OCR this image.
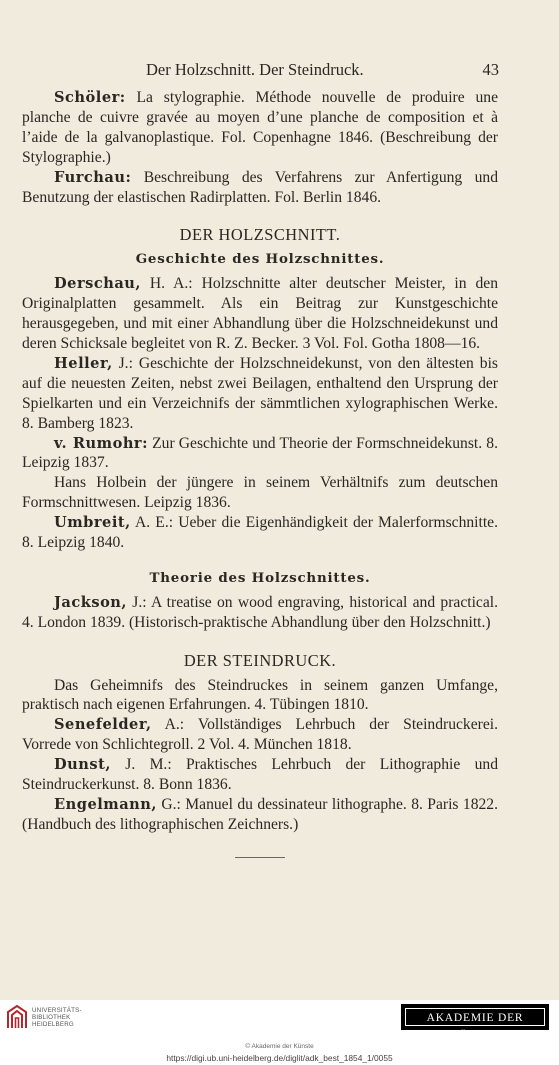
Der Holzschnitt. Der Steindruck.	43

Schöler: La stylographie. Méthode nouvelle de produire une planche de cuivre gravée au moyen d’une planche de composition et à l’aide de la galvanoplastique. Fol. Copenhagne 1846. (Beschreibung der Stylographie.)

Furchau: Beschreibung des Verfahrens zur Anfertigung und Benutzung der elastischen Radirplatten. Fol. Berlin 1846.

DER HOLZSCHNITT.

Geschichte des Holzschnittes.

Derschau, H. A.: Holzschnitte alter deutscher Meister, in den Originalplatten gesammelt. Als ein Beitrag zur Kunstgeschichte herausgegeben, und mit einer Abhandlung über die Holzschneidekunst und deren Schicksale begleitet von R. Z. Becker. 3 Vol. Fol. Gotha 1808—16.

Heller, J.: Geschichte der Holzschneidekunst, von den ältesten bis auf die neuesten Zeiten, nebst zwei Beilagen, enthaltend den Ursprung der Spielkarten und ein Verzeichnifs der sämmtlichen xylographischen Werke. 8. Bamberg 1823.

v. Rumohr: Zur Geschichte und Theorie der Formschneidekunst. 8. Leipzig 1837.

Hans Holbein der jüngere in seinem Verhältnifs zum deutschen Formschnittwesen. Leipzig 1836.

Umbreit, A. E.: Ueber die Eigenhändigkeit der Malerformschnitte. 8. Leipzig 1840.

Theorie des Holzschnittes.

Jackson, J.: A treatise on wood engraving, historical and practical. 4. London 1839. (Historisch-praktische Abhandlung über den Holzschnitt.)

DER STEINDRUCK.

Das Geheimnifs des Steindruckes in seinem ganzen Umfange, praktisch nach eigenen Erfahrungen. 4. Tübingen 1810.

Senefelder, A.: Vollständiges Lehrbuch der Steindruckerei. Vorrede von Schlichtegroll. 2 Vol. 4. München 1818.

Dunst, J. M.: Praktisches Lehrbuch der Lithographie und Steindruckerkunst. 8. Bonn 1836.

Engelmann, G.: Manuel du dessinateur lithographe. 8. Paris 1822. (Handbuch des lithographischen Zeichners.)

UNIVERSITÄTS-
BIBLIOTHEK
HEIDELBERG
AKADEMIE DER KÜNSTE
© Akademie der Künste
https://digi.ub.uni-heidelberg.de/diglit/adk_best_1854_1/0055
